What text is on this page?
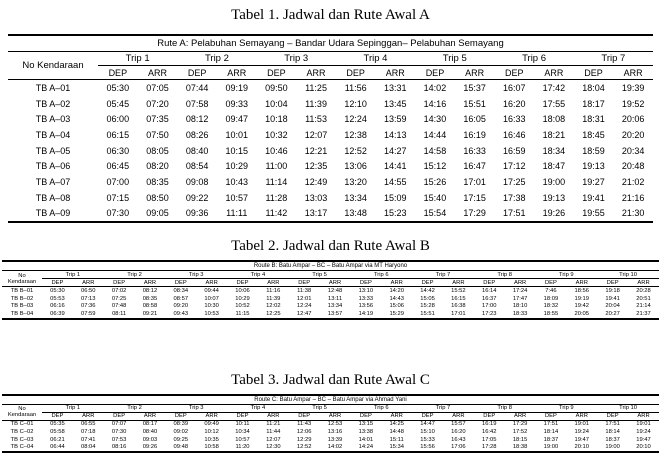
Tabel 1. Jadwal dan Rute Awal A
Rute A: Pelabuhan Semayang – Bandar Udara Sepinggan– Pelabuhan Semayang														
No Kendaraan	Trip 1		Trip 2		Trip 3		Trip 4		Trip 5		Trip 6		Trip 7	
	DEP	ARR	DEP	ARR	DEP	ARR	DEP	ARR	DEP	ARR	DEP	ARR	DEP	ARR
TB A–01	05:30	07:05	07:44	09:19	09:50	11:25	11:56	13:31	14:02	15:37	16:07	17:42	18:04	19:39
TB A–02	05:45	07:20	07:58	09:33	10:04	11:39	12:10	13:45	14:16	15:51	16:20	17:55	18:17	19:52
TB A–03	06:00	07:35	08:12	09:47	10:18	11:53	12:24	13:59	14:30	16:05	16:33	18:08	18:31	20:06
TB A–04	06:15	07:50	08:26	10:01	10:32	12:07	12:38	14:13	14:44	16:19	16:46	18:21	18:45	20:20
TB A–05	06:30	08:05	08:40	10:15	10:46	12:21	12:52	14:27	14:58	16:33	16:59	18:34	18:59	20:34
TB A–06	06:45	08:20	08:54	10:29	11:00	12:35	13:06	14:41	15:12	16:47	17:12	18:47	19:13	20:48
TB A–07	07:00	08:35	09:08	10:43	11:14	12:49	13:20	14:55	15:26	17:01	17:25	19:00	19:27	21:02
TB A–08	07:15	08:50	09:22	10:57	11:28	13:03	13:34	15:09	15:40	17:15	17:38	19:13	19:41	21:16
TB A–09	07:30	09:05	09:36	11:11	11:42	13:17	13:48	15:23	15:54	17:29	17:51	19:26	19:55	21:30
Tabel 2. Jadwal dan Rute Awal B
Route B: Batu Ampar – BC – Batu Ampar via MT Haryono																				
No
Kendaraan	Trip 1		Trip 2		Trip 3		Trip 4		Trip 5		Trip 6		Trip 7		Trip 8		Trip 9		Trip 10	
	DEP	ARR	DEP	ARR	DEP	ARR	DEP	ARR	DEP	ARR	DEP	ARR	DEP	ARR	DEP	ARR	DEP	ARR	DEP	ARR
TB B–01	05:30	06:50	07:02	08:12	08:34	09:44	10:06	11:16	11:38	12:48	13:10	14:20	14:42	15:52	16:14	17:24	7:46	18:56	19:18	20:28
TB B–02	05:53	07:13	07:25	08:35	08:57	10:07	10:29	11:39	12:01	13:11	13:33	14:43	15:05	16:15	16:37	17:47	18:09	19:19	19:41	20:51
TB B–03	06:16	07:36	07:48	08:58	09:20	10:30	10:52	12:02	12:24	13:34	13:56	15:06	15:28	16:38	17:00	18:10	18:32	19:42	20:04	21:14
TB B–04	06:39	07:59	08:11	09:21	09:43	10:53	11:15	12:25	12:47	13:57	14:19	15:29	15:51	17:01	17:23	18:33	18:55	20:05	20:27	21:37
Tabel 3. Jadwal dan Rute Awal C
Route C: Batu Ampar – BC – Batu Ampar via Ahmad Yani																				
No
Kendaraan	Trip 1		Trip 2		Trip 3		Trip 4		Trip 5		Trip 6		Trip 7		Trip 8		Trip 9		Trip 10	
	DEP	ARR	DEP	ARR	DEP	ARR	DEP	ARR	DEP	ARR	DEP	ARR	DEP	ARR	DEP	ARR	DEP	ARR	DEP	ARR
TB C–01	05:35	06:55	07:07	08:17	08:39	09:49	10:11	11:21	11:43	12:53	13:15	14:25	14:47	15:57	16:19	17:29	17:51	19:01	17:51	19:01
TB C–02	05:58	07:18	07:30	08:40	09:02	10:12	10:34	11:44	12:06	13:16	13:38	14:48	15:10	16:20	16:42	17:52	18:14	19:24	18:14	19:24
TB C–03	06:21	07:41	07:53	09:03	09:25	10:35	10:57	12:07	12:29	13:39	14:01	15:11	15:33	16:43	17:05	18:15	18:37	19:47	18:37	19:47
TB C–04	06:44	08:04	08:16	09:26	09:48	10:58	11:20	12:30	12:52	14:02	14:24	15:34	15:56	17:06	17:28	18:38	19:00	20:10	19:00	20:10
